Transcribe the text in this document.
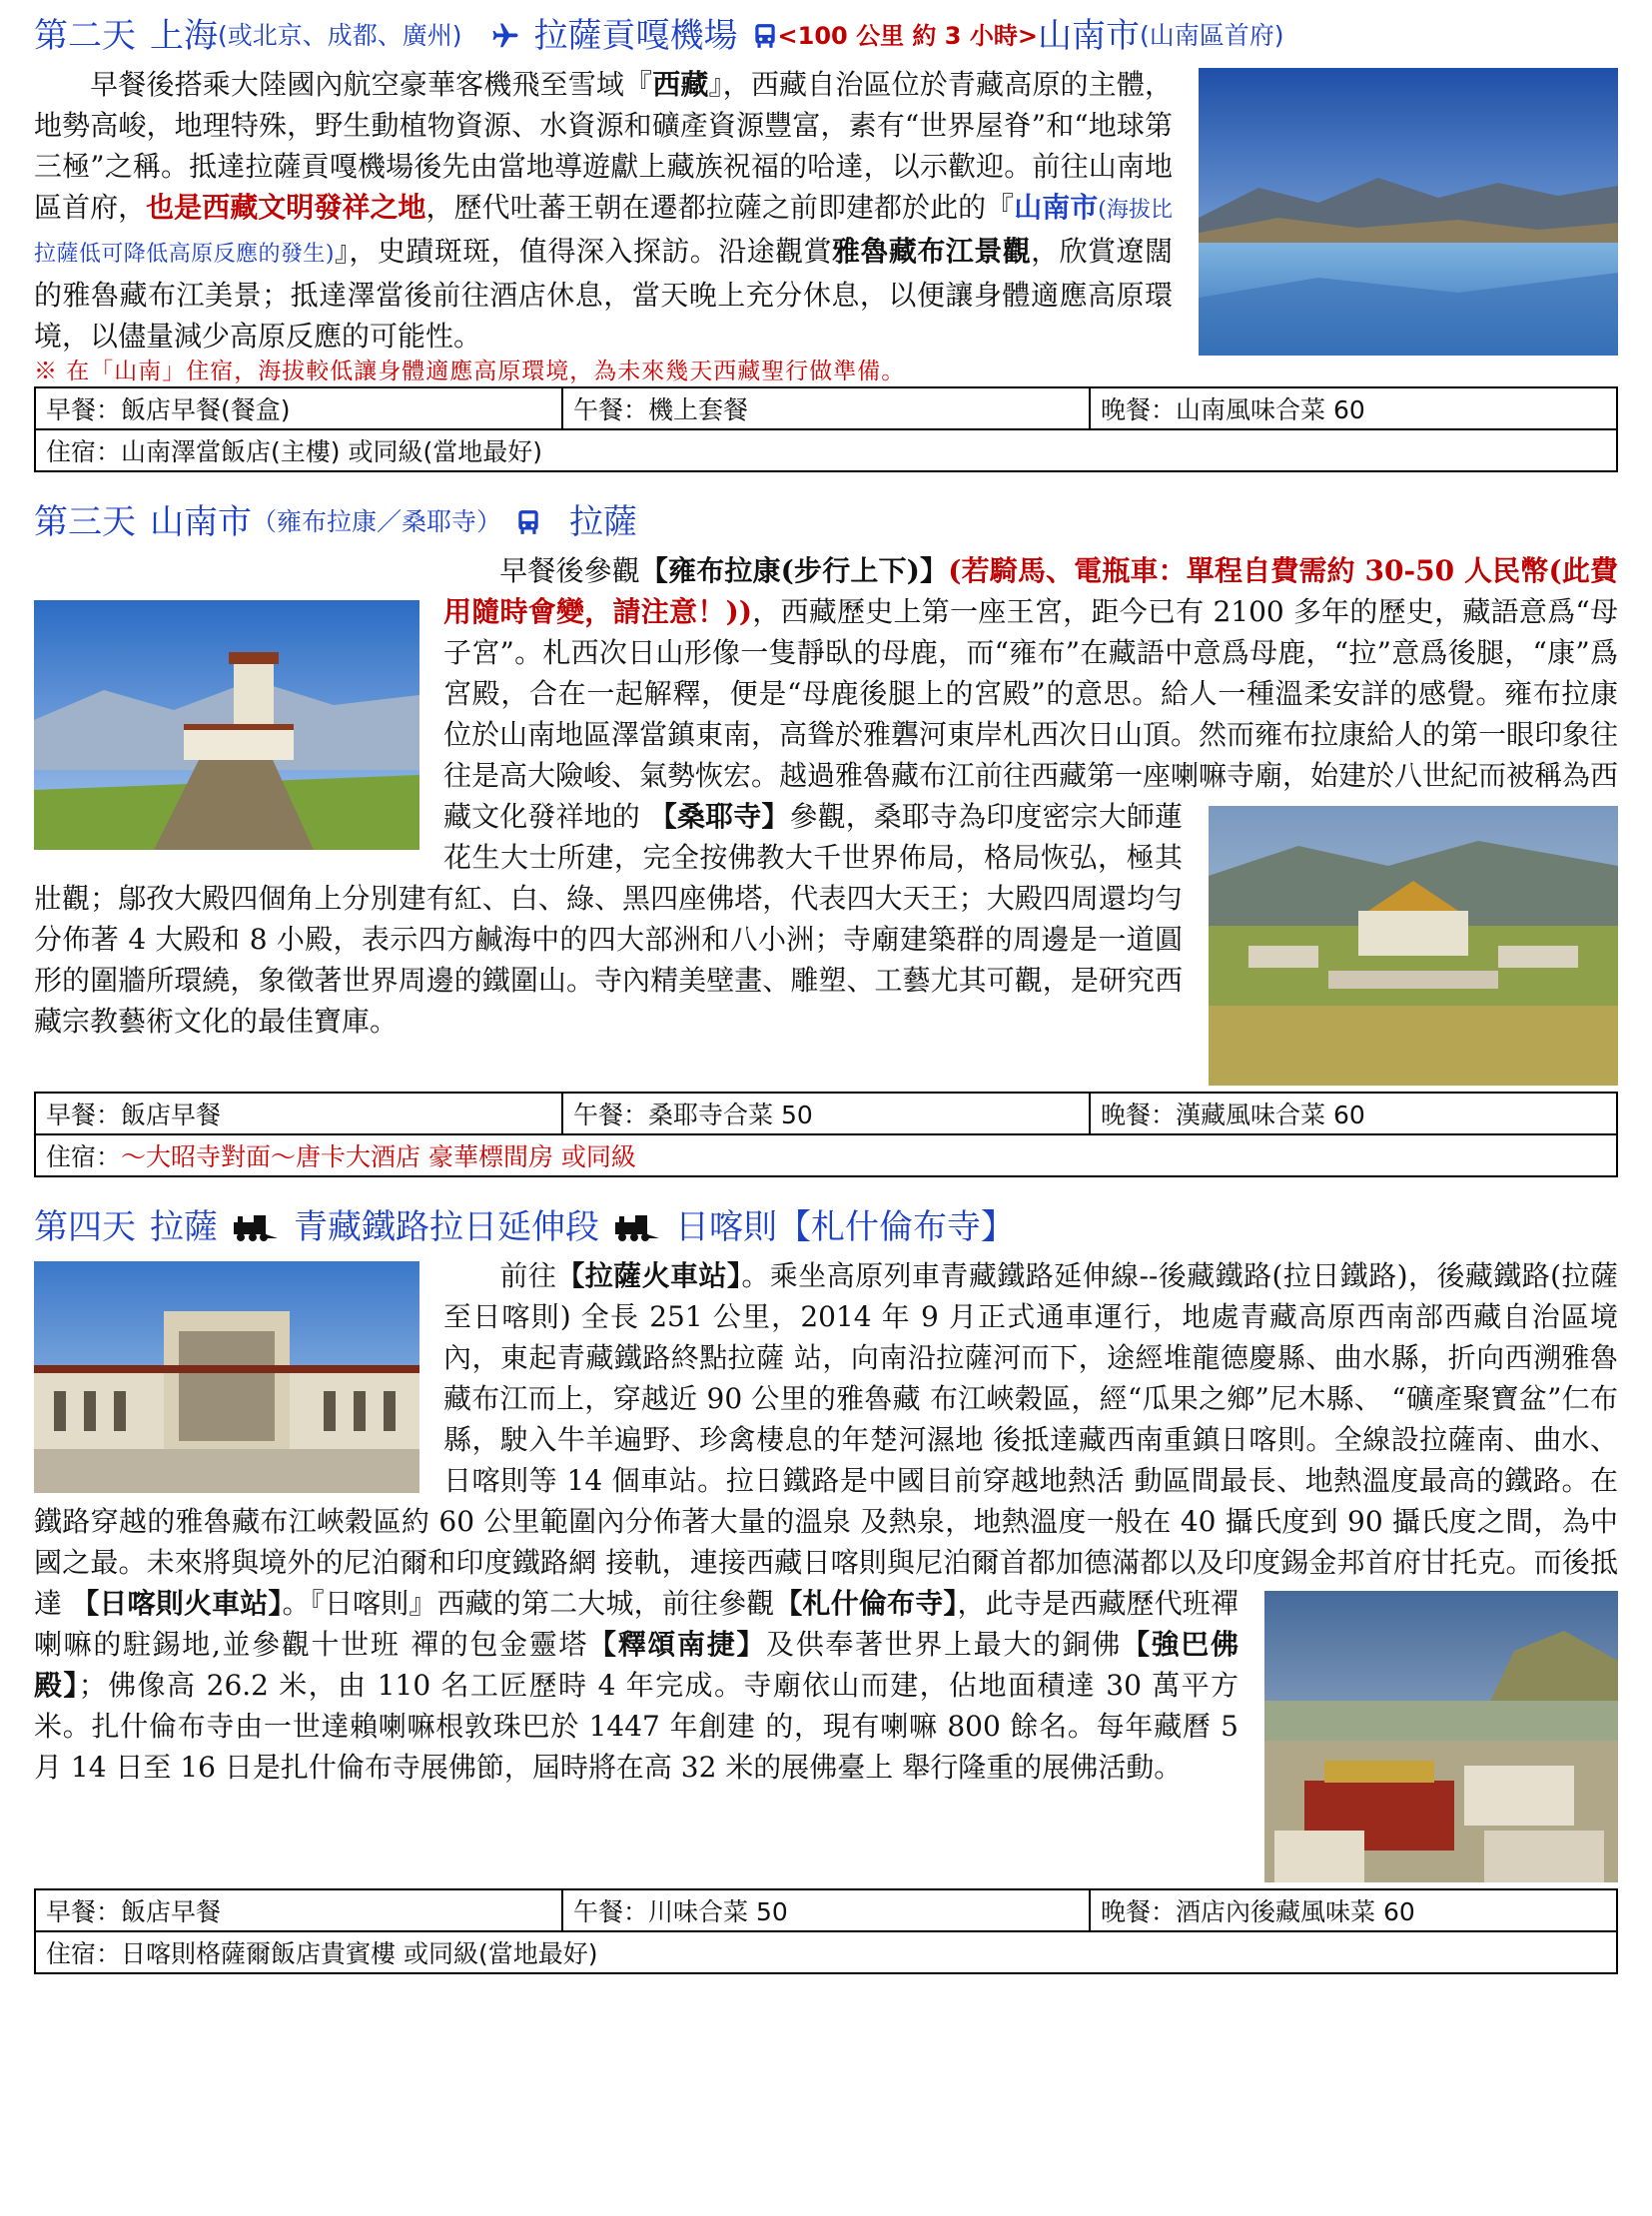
第二天 上海 (或北京、成都、廣州) 拉薩貢嘎機場 <100 公里 約 3 小時> 山南市 (山南區首府)
早餐後搭乘大陸國內航空豪華客機飛至雪域『西藏』，西藏自治區位於青藏高原的主體，地勢高峻，地理特殊，野生動植物資源、水資源和礦產資源豐富，素有“世界屋脊”和“地球第三極”之稱。抵達拉薩貢嘎機場後先由當地導遊獻上藏族祝福的哈達，以示歡迎。前往山南地區首府，也是西藏文明發祥之地，歷代吐蕃王朝在遷都拉薩之前即建都於此的『山南市(海拔比拉薩低可降低高原反應的發生)』，史蹟斑斑，值得深入探訪。沿途觀賞雅魯藏布江景觀，欣賞遼闊的雅魯藏布江美景；抵達澤當後前往酒店休息，當天晚上充分休息，以便讓身體適應高原環境，以儘量減少高原反應的可能性。
※ 在「山南」住宿，海拔較低讓身體適應高原環境，為未來幾天西藏聖行做準備。
早餐：飯店早餐(餐盒)	午餐：機上套餐	晚餐：山南風味合菜 60
住宿：山南澤當飯店(主樓) 或同級(當地最好)
第三天 山南市 （雍布拉康／桑耶寺） 拉薩
早餐後參觀【雍布拉康(步行上下)】(若騎馬、電瓶車：單程自費需約 30-50 人民幣(此費用隨時會變，請注意！))，西藏歷史上第一座王宮，距今已有 2100 多年的歷史，藏語意爲“母子宮”。札西次日山形像一隻靜臥的母鹿，而“雍布”在藏語中意爲母鹿，“拉”意爲後腿，“康”爲宮殿，合在一起解釋，便是“母鹿後腿上的宮殿”的意思。給人一種溫柔安詳的感覺。雍布拉康位於山南地區澤當鎮東南，高聳於雅礱河東岸札西次日山頂。然而雍布拉康給人的第一眼印象往往是高大險峻、氣勢恢宏。越過雅魯藏布江前往西藏第一座喇嘛寺廟，始建於八世紀而被稱為西藏文化發祥地的 【桑耶寺】參觀，桑耶寺為印度密宗大師蓮花生大士所建，完全按佛教大千世界佈局，格局恢弘，極其壯觀；鄔孜大殿四個角上分別建有紅、白、綠、黑四座佛塔，代表四大天王；大殿四周還均勻分佈著 4 大殿和 8 小殿，表示四方鹹海中的四大部洲和八小洲；寺廟建築群的周邊是一道圓形的圍牆所環繞，象徵著世界周邊的鐵圍山。寺內精美壁畫、雕塑、工藝尤其可觀，是研究西藏宗教藝術文化的最佳寶庫。
早餐：飯店早餐	午餐：桑耶寺合菜 50	晚餐：漢藏風味合菜 60
住宿：～大昭寺對面～唐卡大酒店 豪華標間房 或同級
第四天 拉薩 青藏鐵路拉日延伸段 日喀則【札什倫布寺】
前往【拉薩火車站】。乘坐高原列車青藏鐵路延伸線--後藏鐵路(拉日鐵路)，後藏鐵路(拉薩至日喀則) 全長 251 公里，2014 年 9 月正式通車運行，地處青藏高原西南部西藏自治區境內，東起青藏鐵路終點拉薩 站，向南沿拉薩河而下，途經堆龍德慶縣、曲水縣，折向西溯雅魯藏布江而上，穿越近 90 公里的雅魯藏 布江峽穀區，經“瓜果之鄉”尼木縣、 “礦產聚寶盆”仁布縣，駛入牛羊遍野、珍禽棲息的年楚河濕地 後抵達藏西南重鎮日喀則。全線設拉薩南、曲水、日喀則等 14 個車站。拉日鐵路是中國目前穿越地熱活 動區間最長、地熱溫度最高的鐵路。在鐵路穿越的雅魯藏布江峽穀區約 60 公里範圍內分佈著大量的溫泉 及熱泉，地熱溫度一般在 40 攝氏度到 90 攝氏度之間，為中國之最。未來將與境外的尼泊爾和印度鐵路網 接軌，連接西藏日喀則與尼泊爾首都加德滿都以及印度錫金邦首府甘托克。而後抵達 【日喀則火車站】。『日喀則』西藏的第二大城，前往參觀【札什倫布寺】，此寺是西藏歷代班禪喇嘛的駐錫地,並參觀十世班 禪的包金靈塔【釋頌南捷】及供奉著世界上最大的銅佛【強巴佛殿】；佛像高 26.2 米，由 110 名工匠歷時 4 年完成。寺廟依山而建，佔地面積達 30 萬平方米。扎什倫布寺由一世達賴喇嘛根敦珠巴於 1447 年創建 的，現有喇嘛 800 餘名。每年藏曆 5 月 14 日至 16 日是扎什倫布寺展佛節，屆時將在高 32 米的展佛臺上 舉行隆重的展佛活動。
早餐：飯店早餐	午餐：川味合菜 50	晚餐：酒店內後藏風味菜 60
住宿：日喀則格薩爾飯店貴賓樓 或同級(當地最好)
